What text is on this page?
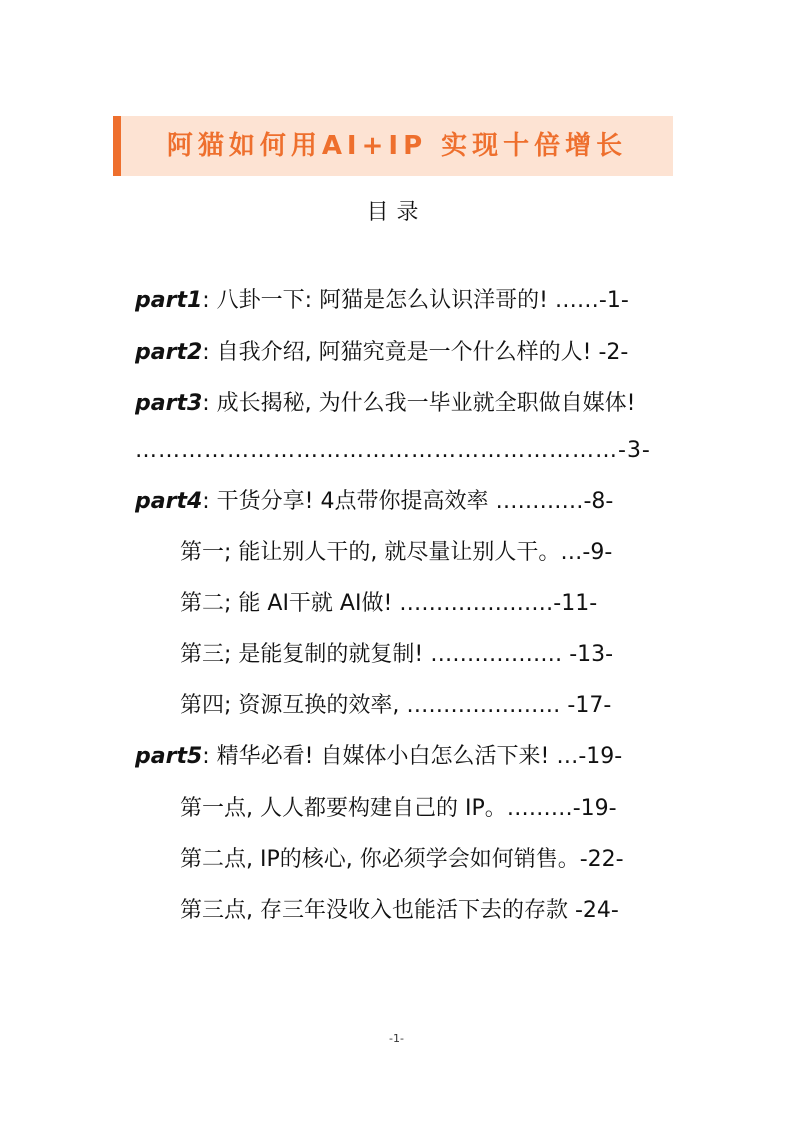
阿猫如何用AI+IP 实现十倍增长
目录
part1: 八卦一下: 阿猫是怎么认识洋哥的! ……-1-
part2: 自我介绍, 阿猫究竟是一个什么样的人! -2-
part3: 成长揭秘, 为什么我一毕业就全职做自媒体!
………………………………………………………-3-
part4: 干货分享! 4点带你提高效率 …………-8-
第一; 能让别人干的, 就尽量让别人干。…-9-
第二; 能 AI干就 AI做! …………………-11-
第三; 是能复制的就复制! ……………… -13-
第四; 资源互换的效率, ………………… -17-
part5: 精华必看! 自媒体小白怎么活下来! …-19-
第一点, 人人都要构建自己的 IP。………-19-
第二点, IP的核心, 你必须学会如何销售。-22-
第三点, 存三年没收入也能活下去的存款 -24-
-1-
